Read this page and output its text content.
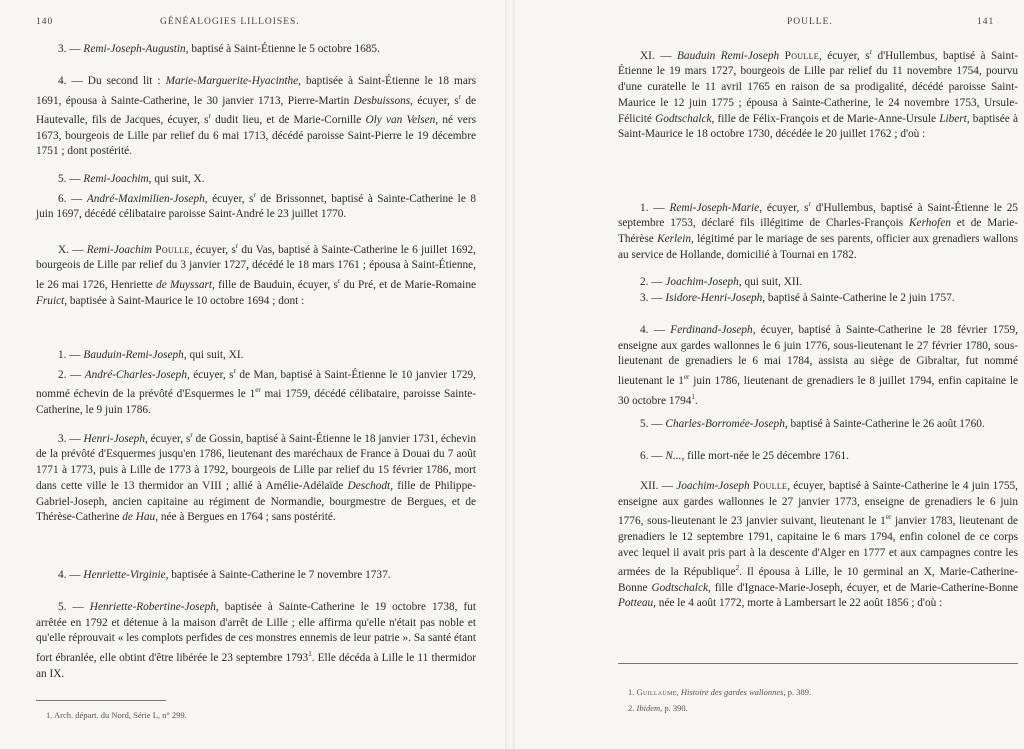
140	GÉNÉALOGIES LILLOISES.

3. — Remi-Joseph-Augustin, baptisé à Saint-Étienne le 5 octobre 1685.

4. — Du second lit : Marie-Marguerite-Hyacinthe, baptisée à Saint-Étienne le 18 mars 1691, épousa à Sainte-Catherine, le 30 janvier 1713, Pierre-Martin Desbuissons, écuyer, $s^r$ de Hautevalle, fils de Jacques, écuyer, $s^r$ dudit lieu, et de Marie-Cornille Oly van Velsen, né vers 1673, bourgeois de Lille par relief du 6 mai 1713, décédé paroisse Saint-Pierre le 19 décembre 1751 ; dont postérité.

5. — Remi-Joachim, qui suit, X.

6. — André-Maximilien-Joseph, écuyer, $s^r$ de Brissonnet, baptisé à Sainte-Catherine le 8 juin 1697, décédé célibataire paroisse Saint-André le 23 juillet 1770.

X. — Remi-Joachim Poulle, écuyer, $s^r$ du Vas, baptisé à Sainte-Catherine le 6 juillet 1692, bourgeois de Lille par relief du 3 janvier 1727, décédé le 18 mars 1761 ; épousa à Saint-Étienne, le 26 mai 1726, Henriette de Muyssart, fille de Bauduin, écuyer, $s^r$ du Pré, et de Marie-Romaine Fruict, baptisée à Saint-Maurice le 10 octobre 1694 ; dont :

1. — Bauduin-Remi-Joseph, qui suit, XI.

2. — André-Charles-Joseph, écuyer, $s^r$ de Man, baptisé à Saint-Étienne le 10 janvier 1729, nommé échevin de la prévôté d'Esquermes le 1er mai 1759, décédé célibataire, paroisse Sainte-Catherine, le 9 juin 1786.

3. — Henri-Joseph, écuyer, $s^r$ de Gossin, baptisé à Saint-Étienne le 18 janvier 1731, échevin de la prévôté d'Esquermes jusqu'en 1786, lieutenant des maréchaux de France à Douai du 7 août 1771 à 1773, puis à Lille de 1773 à 1792, bourgeois de Lille par relief du 15 février 1786, mort dans cette ville le 13 thermidor an VIII ; allié à Amélie-Adélaïde Deschodt, fille de Philippe-Gabriel-Joseph, ancien capitaine au régiment de Normandie, bourgmestre de Bergues, et de Thérèse-Catherine de Hau, née à Bergues en 1764 ; sans postérité.

4. — Henriette-Virginie, baptisée à Sainte-Catherine le 7 novembre 1737.

5. — Henriette-Robertine-Joseph, baptisée à Sainte-Catherine le 19 octobre 1738, fut arrêtée en 1792 et détenue à la maison d'arrêt de Lille ; elle affirma qu'elle n'était pas noble et qu'elle réprouvait « les complots perfides de ces monstres ennemis de leur patrie ». Sa santé étant fort ébranlée, elle obtint d'être libérée le 23 septembre 1793$^1$. Elle décéda à Lille le 11 thermidor an IX.

1. Arch. départ. du Nord, Série L, n° 299.
POULLE.	141

XI. — Bauduin Remi-Joseph Poulle, écuyer, $s^r$ d'Hullembus, baptisé à Saint-Étienne le 19 mars 1727, bourgeois de Lille par relief du 11 novembre 1754, pourvu d'une curatelle le 11 avril 1765 en raison de sa prodigalité, décédé paroisse Saint-Maurice le 12 juin 1775 ; épousa à Sainte-Catherine, le 24 novembre 1753, Ursule-Félicité Godtschalck, fille de Félix-François et de Marie-Anne-Ursule Libert, baptisée à Saint-Maurice le 18 octobre 1730, décédée le 20 juillet 1762 ; d'où :

1. — Remi-Joseph-Marie, écuyer, $s^r$ d'Hullembus, baptisé à Saint-Étienne le 25 septembre 1753, déclaré fils illégitime de Charles-François Kerhofen et de Marie-Thérèse Kerlein, légitimé par le mariage de ses parents, officier aux grenadiers wallons au service de Hollande, domicilié à Tournai en 1782.

2. — Joachim-Joseph, qui suit, XII.

3. — Isidore-Henri-Joseph, baptisé à Sainte-Catherine le 2 juin 1757.

4. — Ferdinand-Joseph, écuyer, baptisé à Sainte-Catherine le 28 février 1759, enseigne aux gardes wallonnes le 6 juin 1776, sous-lieutenant le 27 février 1780, sous-lieutenant de grenadiers le 6 mai 1784, assista au siège de Gibraltar, fut nommé lieutenant le 1er juin 1786, lieutenant de grenadiers le 8 juillet 1794, enfin capitaine le 30 octobre 1794$^1$.

5. — Charles-Borromée-Joseph, baptisé à Sainte-Catherine le 26 août 1760.

6. — N..., fille mort-née le 25 décembre 1761.

XII. — Joachim-Joseph Poulle, écuyer, baptisé à Sainte-Catherine le 4 juin 1755, enseigne aux gardes wallonnes le 27 janvier 1773, enseigne de grenadiers le 6 juin 1776, sous-lieutenant le 23 janvier suivant, lieutenant le 1er janvier 1783, lieutenant de grenadiers le 12 septembre 1791, capitaine le 6 mars 1794, enfin colonel de ce corps avec lequel il avait pris part à la descente d'Alger en 1777 et aux campagnes contre les armées de la République$^2$. Il épousa à Lille, le 10 germinal an X, Marie-Catherine-Bonne Godtschalck, fille d'Ignace-Marie-Joseph, écuyer, et de Marie-Catherine-Bonne Potteau, née le 4 août 1772, morte à Lambersart le 22 août 1856 ; d'où :

1. Guillaume, Histoire des gardes wallonnes, p. 389.
2. Ibidem, p. 390.
